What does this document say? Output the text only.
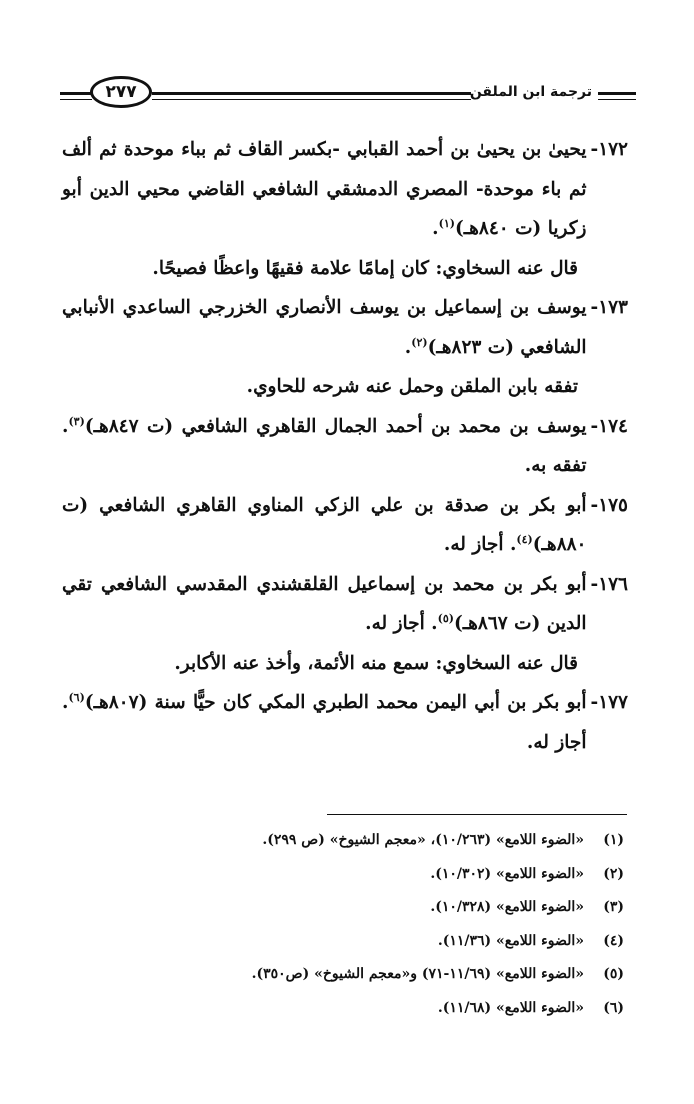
ترجمة ابن الملقن
٢٧٧
١٧٢-
يحيىٰ بن يحيىٰ بن أحمد القبابي -بكسر القاف ثم بباء موحدة ثم ألف ثم باء موحدة- المصري الدمشقي الشافعي القاضي محيي الدين أبو زكريا (ت ٨٤٠هـ)$^{(١)}$.
قال عنه السخاوي: كان إمامًا علامة فقيهًا واعظًا فصيحًا.
١٧٣-
يوسف بن إسماعيل بن يوسف الأنصاري الخزرجي الساعدي الأنبابي الشافعي (ت ٨٢٣هـ)$^{(٢)}$.
تفقه بابن الملقن وحمل عنه شرحه للحاوي.
١٧٤-
يوسف بن محمد بن أحمد الجمال القاهري الشافعي (ت ٨٤٧هـ)$^{(٣)}$. تفقه به.
١٧٥-
أبو بكر بن صدقة بن علي الزكي المناوي القاهري الشافعي (ت ٨٨٠هـ)$^{(٤)}$. أجاز له.
١٧٦-
أبو بكر بن محمد بن إسماعيل القلقشندي المقدسي الشافعي تقي الدين (ت ٨٦٧هـ)$^{(٥)}$. أجاز له.
قال عنه السخاوي: سمع منه الأئمة، وأخذ عنه الأكابر.
١٧٧-
أبو بكر بن أبي اليمن محمد الطبري المكي كان حيًّا سنة (٨٠٧هـ)$^{(٦)}$. أجاز له.
(١)
«الضوء اللامع» (١٠/٢٦٣)، «معجم الشيوخ» (ص ٢٩٩).
(٢)
«الضوء اللامع» (١٠/٣٠٢).
(٣)
«الضوء اللامع» (١٠/٣٢٨).
(٤)
«الضوء اللامع» (١١/٣٦).
(٥)
«الضوء اللامع» (١١/٦٩-٧١) و«معجم الشيوخ» (ص٣٥٠).
(٦)
«الضوء اللامع» (١١/٦٨).
